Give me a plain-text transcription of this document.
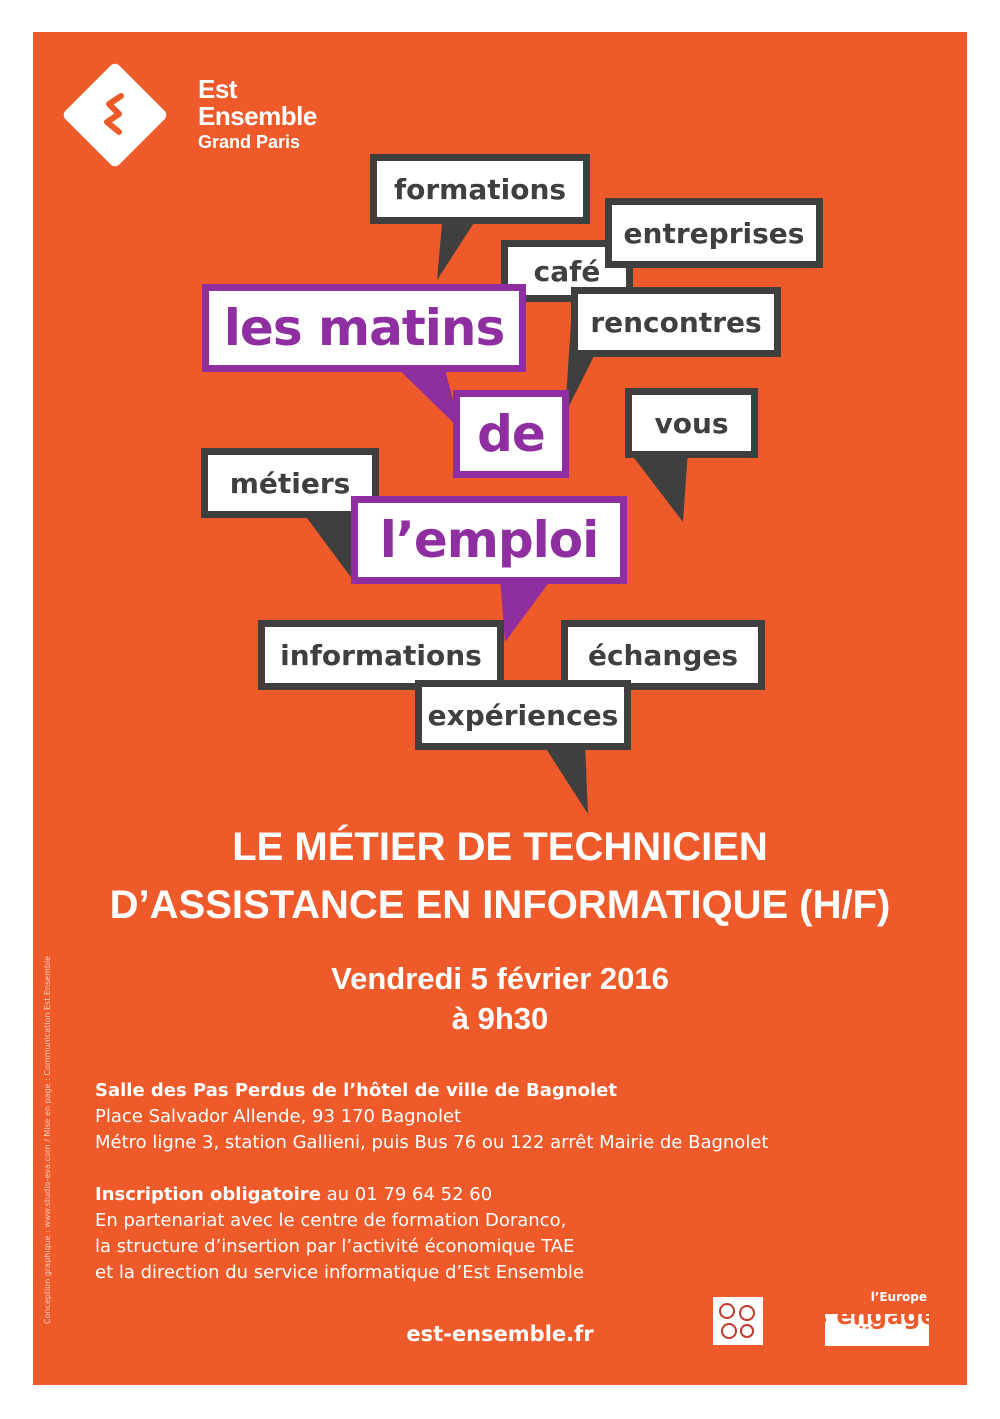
Est
Ensemble
Grand Paris
formations
café
entreprises
rencontres
vous
métiers
informations	échanges
expériences
les matins
de
l’emploi
LE MÉTIER DE TECHNICIEN
D’ASSISTANCE EN INFORMATIQUE (H/F)
Vendredi 5 février 2016
à 9h30
Salle des Pas Perdus de l’hôtel de ville de Bagnolet
Place Salvador Allende, 93 170 Bagnolet
Métro ligne 3, station Gallieni, puis Bus 76 ou 122 arrêt Mairie de Bagnolet
Inscription obligatoire au 01 79 64 52 60
En partenariat avec le centre de formation Doranco,
la structure d’insertion par l’activité économique TAE
et la direction du service informatique d’Est Ensemble
Conception graphique : www.studio-eva.com / Mise en page : Communication Est Ensemble
est-ensemble.fr
l’Europe
s’engage
